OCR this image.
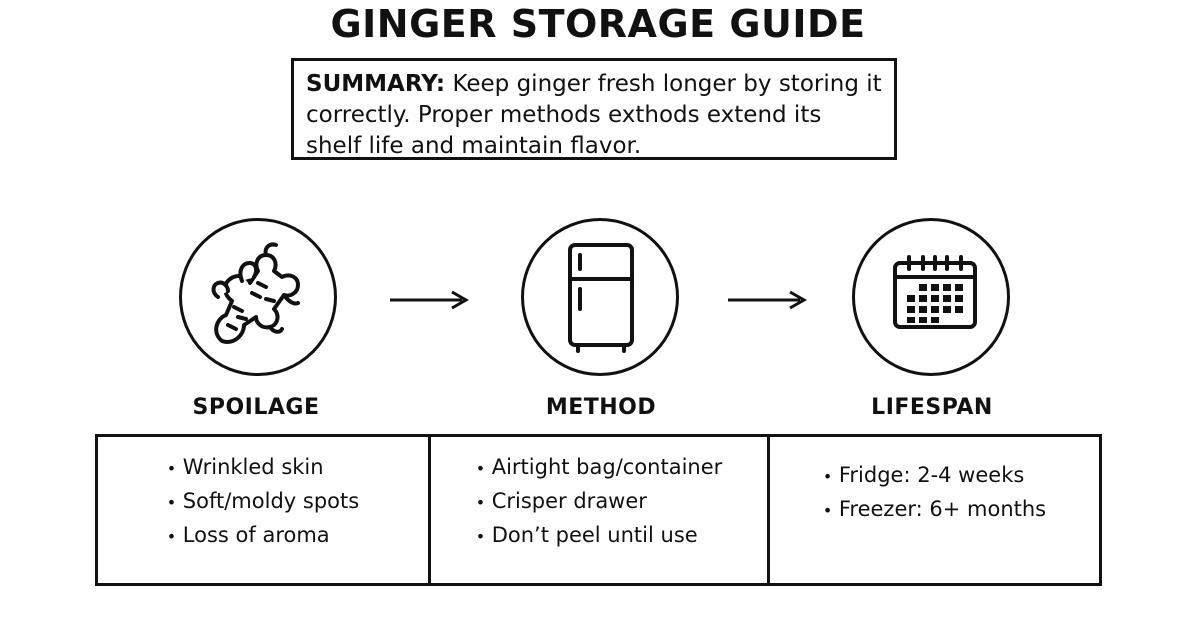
GINGER STORAGE GUIDE
SUMMARY: Keep ginger fresh longer by storing it correctly. Proper methods exthods extend its shelf life and maintain flavor.
SPOILAGE	METHOD	LIFESPAN
• Wrinkled skin
• Soft/moldy spots
• Loss of aroma
• Airtight bag/container
• Crisper drawer
• Don’t peel until use
• Fridge: 2-4 weeks
• Freezer: 6+ months
